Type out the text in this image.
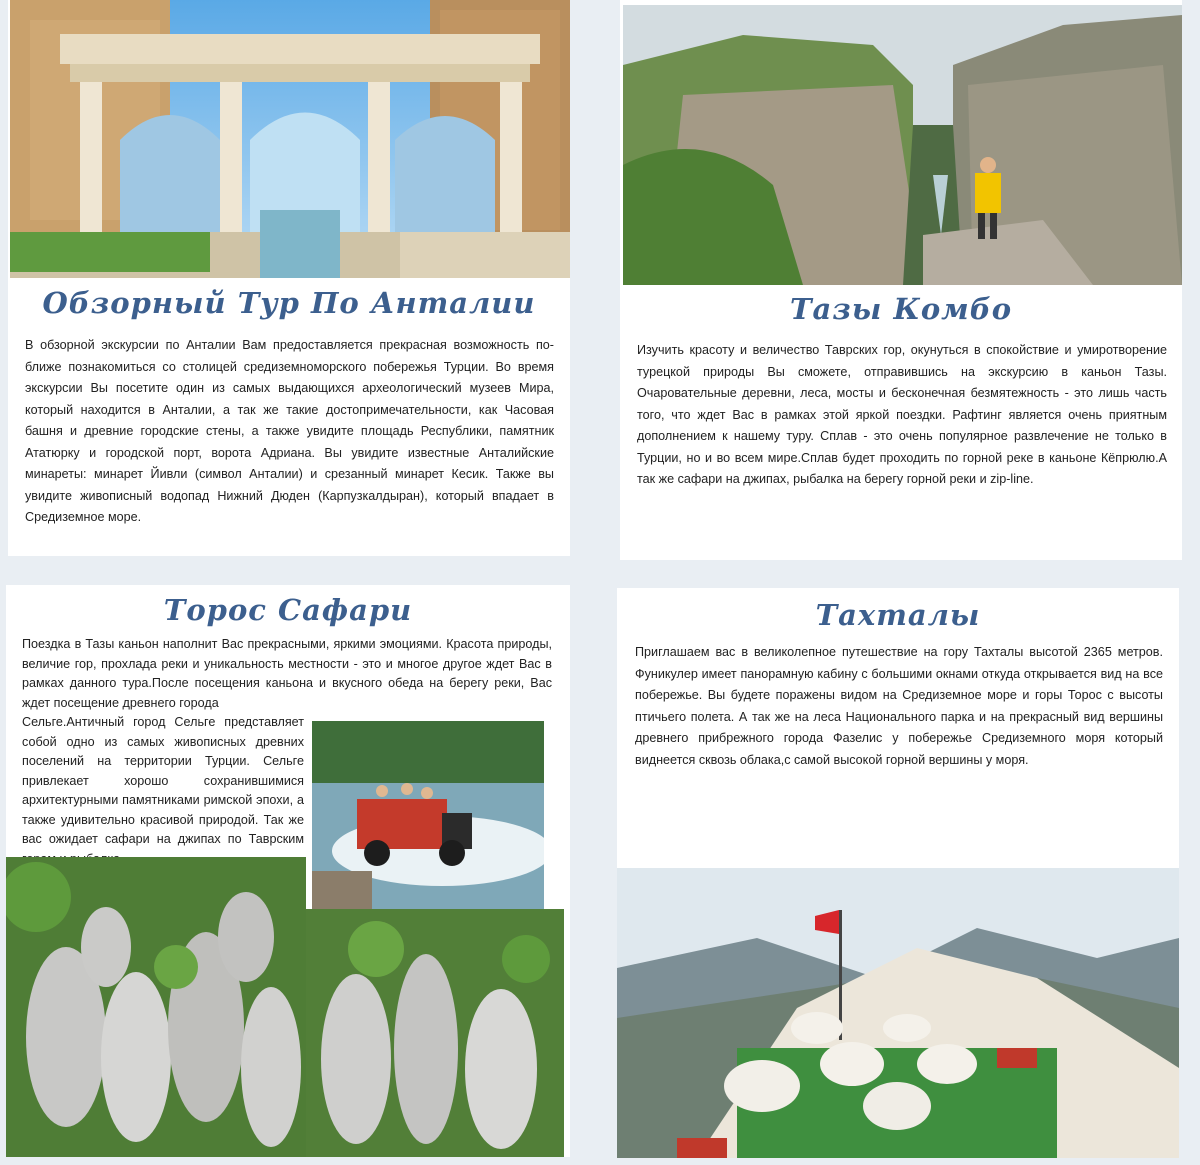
Обзорный Тур По Анталии
В обзорной экскурсии по Анталии Вам предоставляется прекрасная возможность по-ближе познакомиться со столицей средиземноморского побережья Турции. Во время экскурсии Вы посетите один из самых выдающихся археологический музеев Мира, который находится в Анталии, а так же такие достопримечательности, как Часовая башня и древние городские стены, а также увидите площадь Республики, памятник Ататюрку и городской порт, ворота Адриана. Вы увидите известные Анталийские минареты: минарет Йивли (символ Анталии) и срезанный минарет Кесик. Также вы увидите живописный водопад Нижний Дюден (Карпузкалдыран), который впадает в Средиземное море.
Тазы Комбо
Изучить красоту и величество Таврских гор, окунуться в спокойствие и умиротворение турецкой природы Вы сможете, отправившись на экскурсию в каньон Тазы. Очаровательные деревни, леса, мосты и бесконечная безмятежность - это лишь часть того, что ждет Вас в рамках этой яркой поездки. Рафтинг является очень приятным дополнением к нашему туру. Сплав - это очень популярное развлечение не только в Турции, но и во всем мире.Сплав будет проходить по горной реке в каньоне Кёпрюлю.А так же сафари на джипах, рыбалка на берегу горной реки и zip-line.
Торос Сафари
Поездка в Тазы каньон наполнит Вас прекрасными, яркими эмоциями. Красота природы, величие гор, прохлада реки и уникальность местности - это и многое другое ждет Вас в рамках данного тура.После посещения каньона и вкусного обеда на берегу реки, Вас ждет посещение древнего города
Сельге.Античный город Сельге представляет собой одно из самых живописных древних поселений на территории Турции. Сельге привлекает хорошо сохранившимися архитектурными памятниками римской эпохи, а также удивительно красивой природой. Так же вас ожидает сафари на джипах по Таврским
Тахталы
Приглашаем вас в великолепное путешествие на гору Тахталы высотой 2365 метров. Фуникулер имеет панорамную кабину с большими окнами откуда открывается вид на все побережье. Вы будете поражены видом на Средиземное море и горы Торос с высоты птичьего полета. А так же на леса Национального парка и на прекрасный вид вершины древнего прибрежного города Фазелис у побережье Средиземного моря который виднеется сквозь облака,с самой высокой горной вершины у моря.
